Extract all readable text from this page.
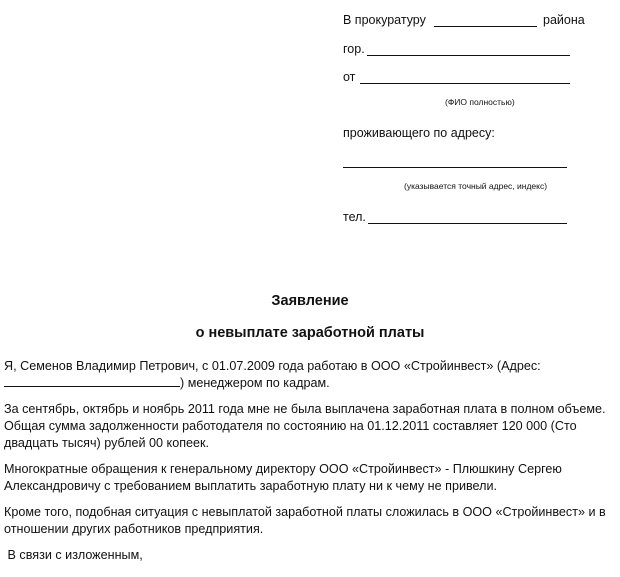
В прокуратуру	района
гор.
от
(ФИО полностью)
проживающего по адресу:
(указывается точный адрес, индекс)
тел.
Заявление
о невыплате заработной платы
Я, Семенов Владимир Петрович, с 01.07.2009 года работаю в ООО «Стройинвест» (Адрес:
) менеджером по кадрам.
За сентябрь, октябрь и ноябрь 2011 года мне не была выплачена заработная плата в полном объеме.
Общая сумма задолженности работодателя по состоянию на 01.12.2011 составляет 120 000 (Сто
двадцать тысяч) рублей 00 копеек.
Многократные обращения к генеральному директору ООО «Стройинвест» - Плюшкину Сергею
Александровичу с требованием выплатить заработную плату ни к чему не привели.
Кроме того, подобная ситуация с невыплатой заработной платы сложилась в ООО «Стройинвест» и в
отношении других работников предприятия.
В связи с изложенным,
